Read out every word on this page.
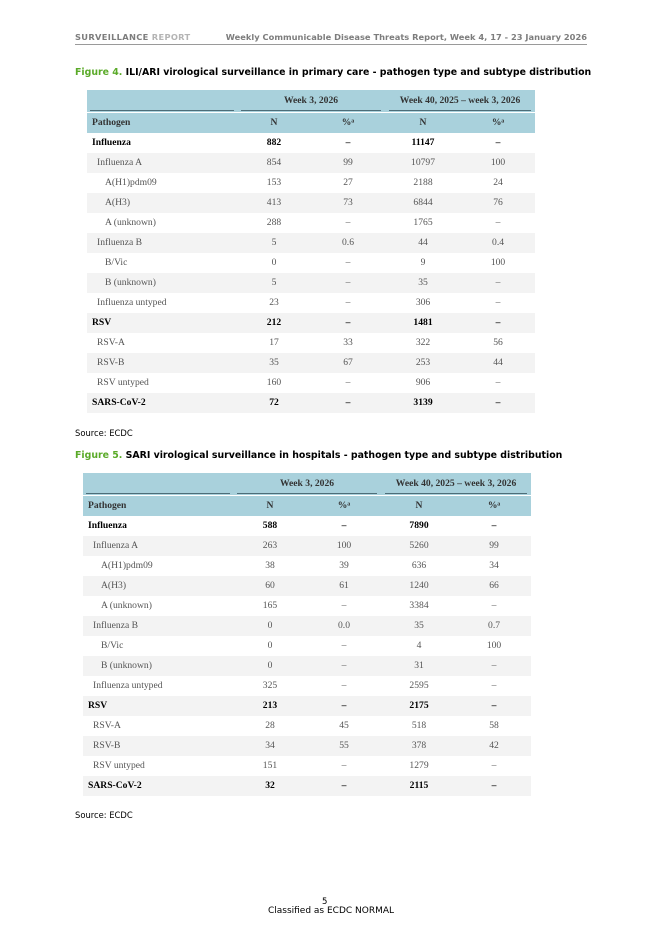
SURVEILLANCE REPORT	Weekly Communicable Disease Threats Report, Week 4, 17 - 23 January 2026
Figure 4. ILI/ARI virological surveillance in primary care - pathogen type and subtype distribution

	Week 3, 2026		Week 40, 2025 – week 3, 2026	

Pathogen	N	%ᵃ	N	%ᵃ
Influenza	882	–	11147	–
Influenza A	854	99	10797	100
A(H1)pdm09	153	27	2188	24
A(H3)	413	73	6844	76
A (unknown)	288	–	1765	–
Influenza B	5	0.6	44	0.4
B/Vic	0	–	9	100
B (unknown)	5	–	35	–
Influenza untyped	23	–	306	–
RSV	212	–	1481	–
RSV-A	17	33	322	56
RSV-B	35	67	253	44
RSV untyped	160	–	906	–
SARS-CoV-2	72	–	3139	–
Source: ECDC
Figure 5. SARI virological surveillance in hospitals - pathogen type and subtype distribution

	Week 3, 2026		Week 40, 2025 – week 3, 2026	

Pathogen	N	%ᵃ	N	%ᵃ
Influenza	588	–	7890	–
Influenza A	263	100	5260	99
A(H1)pdm09	38	39	636	34
A(H3)	60	61	1240	66
A (unknown)	165	–	3384	–
Influenza B	0	0.0	35	0.7
B/Vic	0	–	4	100
B (unknown)	0	–	31	–
Influenza untyped	325	–	2595	–
RSV	213	–	2175	–
RSV-A	28	45	518	58
RSV-B	34	55	378	42
RSV untyped	151	–	1279	–
SARS-CoV-2	32	–	2115	–
Source: ECDC
5
Classified as ECDC NORMAL
